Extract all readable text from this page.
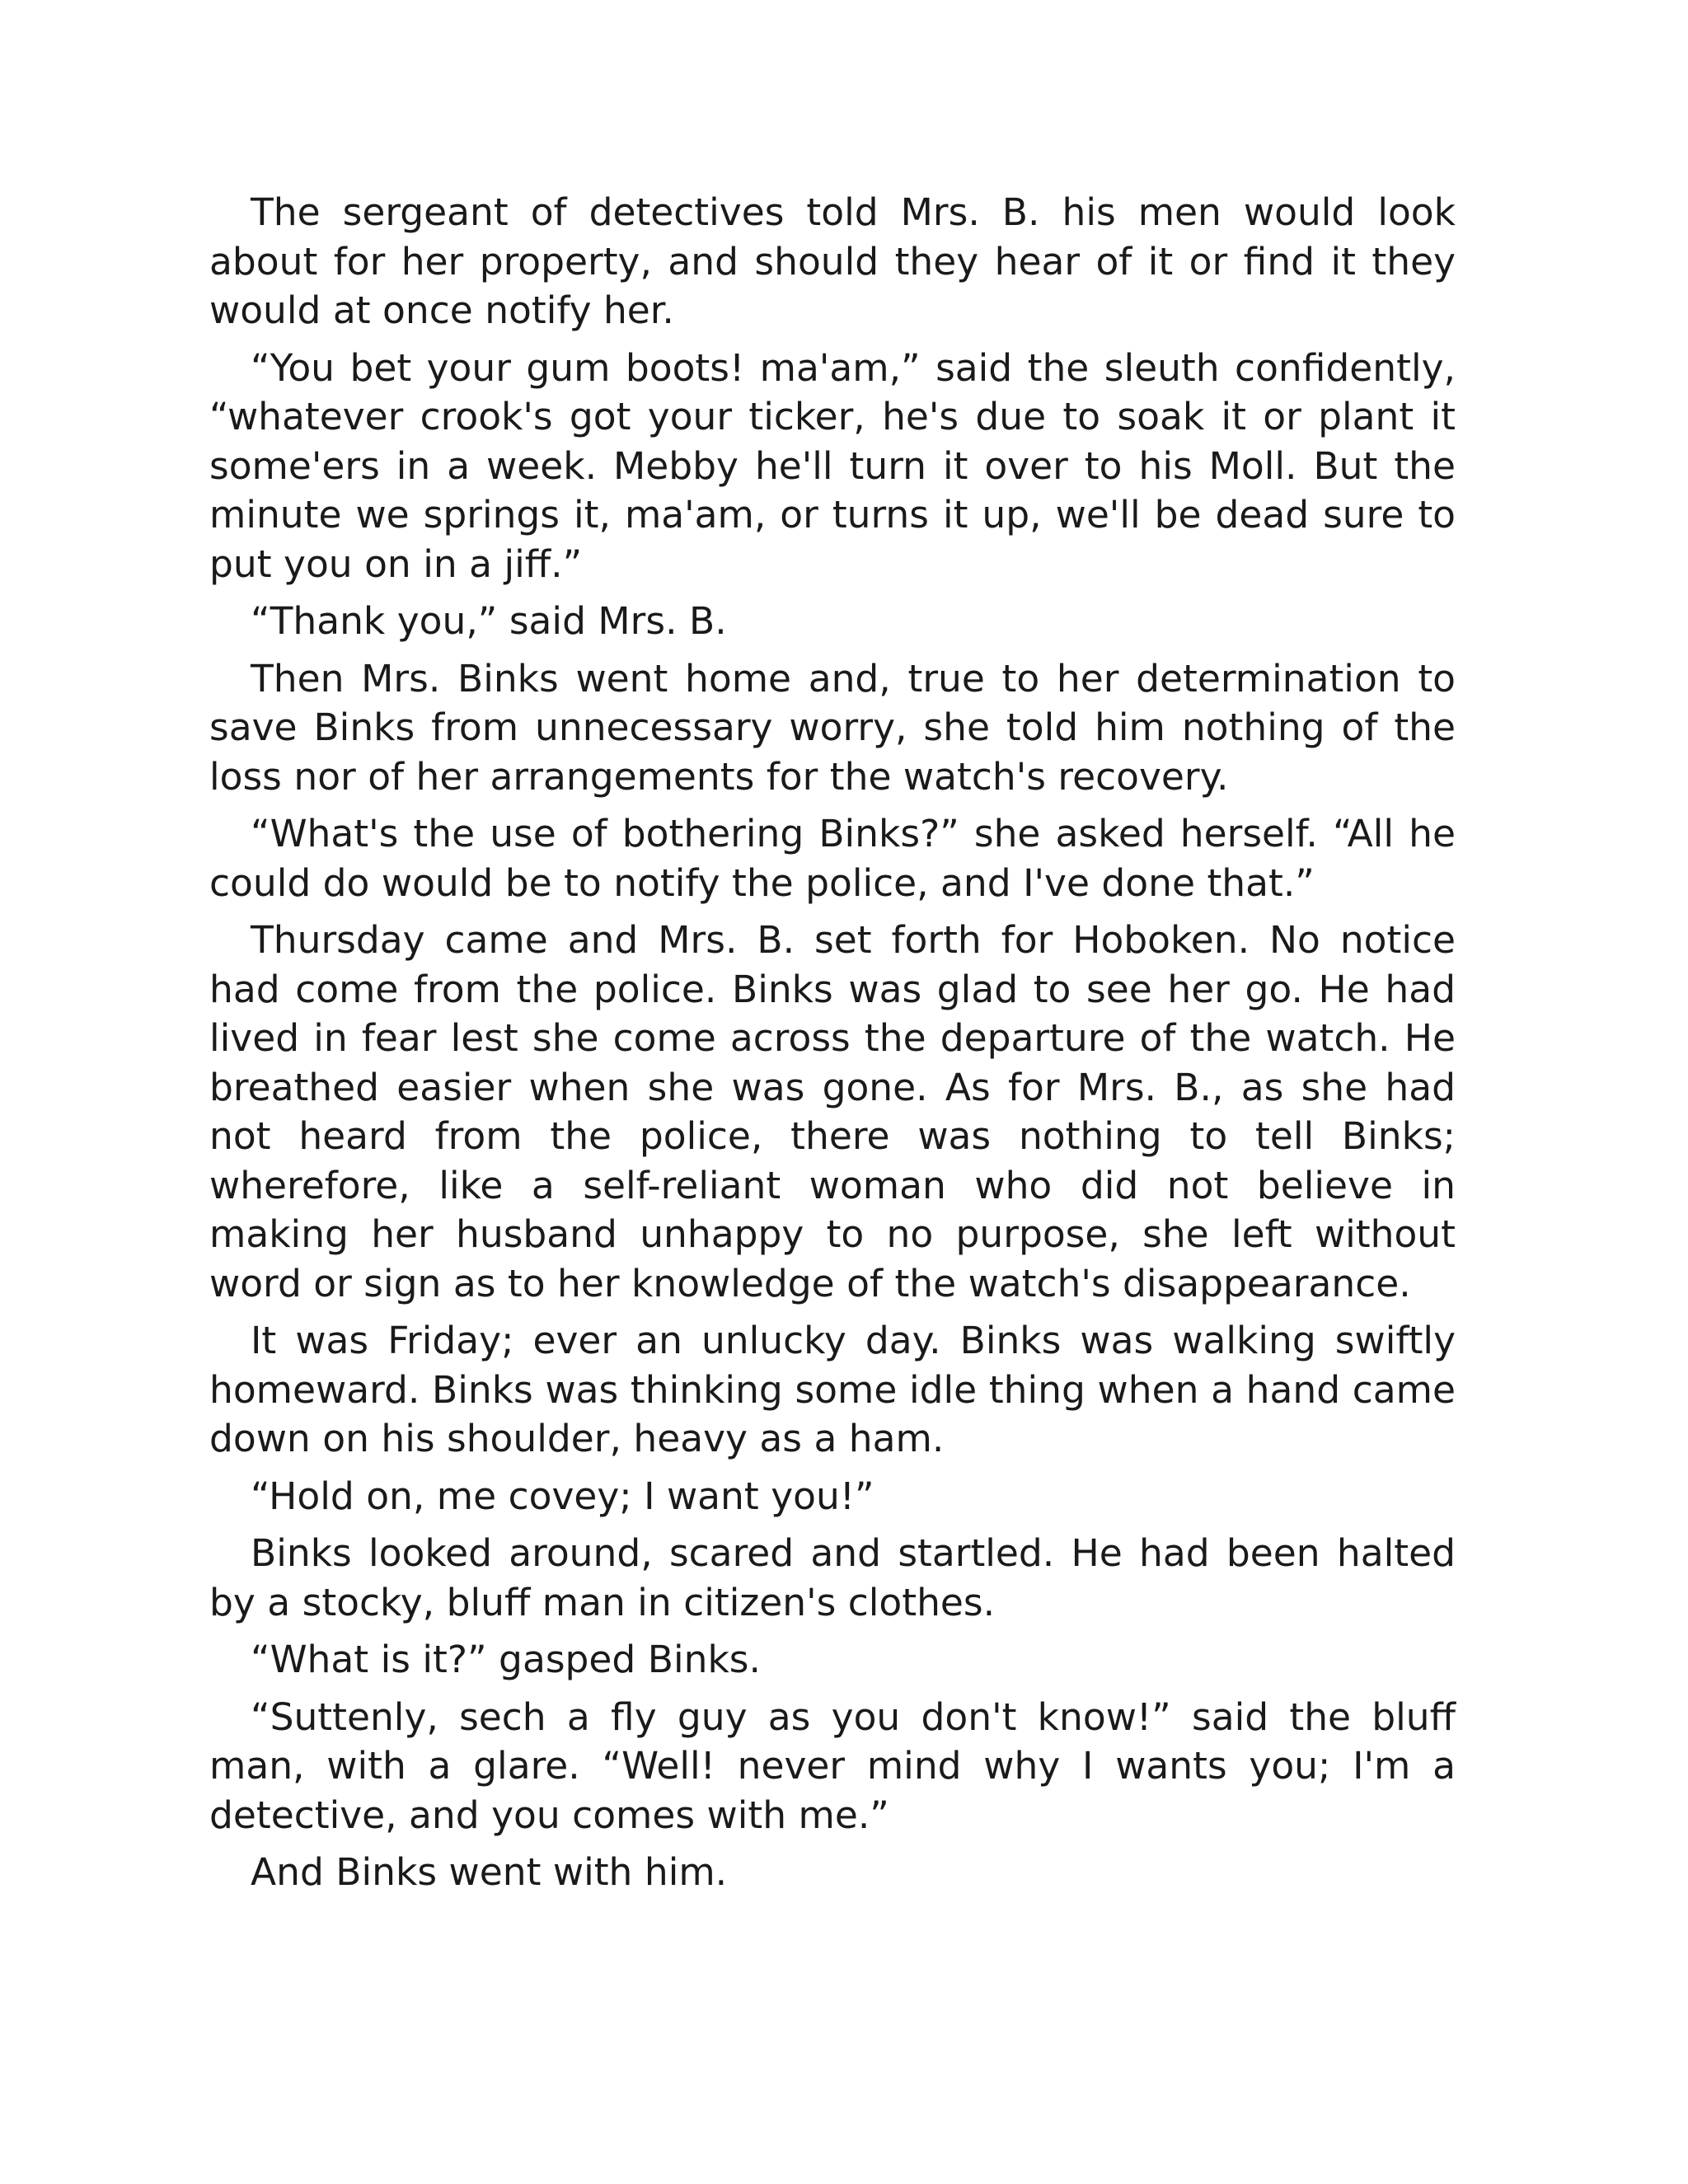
The sergeant of detectives told Mrs. B. his men would look about for her property, and should they hear of it or find it they would at once notify her.

“You bet your gum boots! ma'am,” said the sleuth confidently, “whatever crook's got your ticker, he's due to soak it or plant it some'ers in a week. Mebby he'll turn it over to his Moll. But the minute we springs it, ma'am, or turns it up, we'll be dead sure to put you on in a jiff.”

“Thank you,” said Mrs. B.

Then Mrs. Binks went home and, true to her determination to save Binks from unnecessary worry, she told him nothing of the loss nor of her arrangements for the watch's recovery.

“What's the use of bothering Binks?” she asked herself. “All he could do would be to notify the police, and I've done that.”

Thursday came and Mrs. B. set forth for Hoboken. No notice had come from the police. Binks was glad to see her go. He had lived in fear lest she come across the departure of the watch. He breathed easier when she was gone. As for Mrs. B., as she had not heard from the police, there was nothing to tell Binks; wherefore, like a self-reliant woman who did not believe in making her husband unhappy to no purpose, she left without word or sign as to her knowledge of the watch's disappearance.

It was Friday; ever an unlucky day. Binks was walking swiftly homeward. Binks was thinking some idle thing when a hand came down on his shoulder, heavy as a ham.

“Hold on, me covey; I want you!”

Binks looked around, scared and startled. He had been halted by a stocky, bluff man in citizen's clothes.

“What is it?” gasped Binks.

“Suttenly, sech a fly guy as you don't know!” said the bluff man, with a glare. “Well! never mind why I wants you; I'm a detective, and you comes with me.”

And Binks went with him.
